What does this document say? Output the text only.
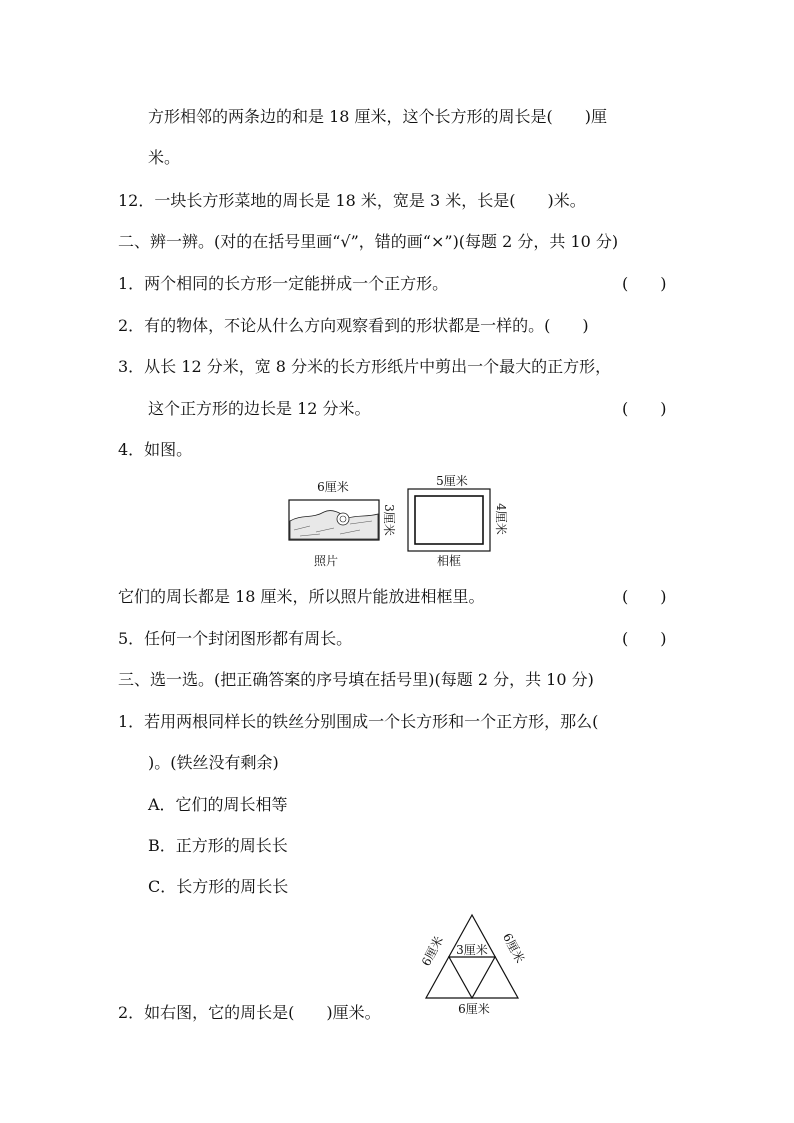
方形相邻的两条边的和是 18 厘米，这个长方形的周长是(　　)厘
米。
12．一块长方形菜地的周长是 18 米，宽是 3 米，长是(　　)米。
二、辨一辨。(对的在括号里画“√”，错的画“×”)(每题 2 分，共 10 分)
1．两个相同的长方形一定能拼成一个正方形。	(　　)
2．有的物体，不论从什么方向观察看到的形状都是一样的。(　　)
3．从长 12 分米，宽 8 分米的长方形纸片中剪出一个最大的正方形，
这个正方形的边长是 12 分米。	(　　)
4．如图。
6厘米
3厘米
照片
5厘米
4厘米
相框
它们的周长都是 18 厘米，所以照片能放进相框里。	(　　)
5．任何一个封闭图形都有周长。	(　　)
三、选一选。(把正确答案的序号填在括号里)(每题 2 分，共 10 分)
1．若用两根同样长的铁丝分别围成一个长方形和一个正方形，那么(
)。(铁丝没有剩余)
A．它们的周长相等
B．正方形的周长长
C．长方形的周长长
3厘米
6厘米	6厘米
6厘米
2．如右图，它的周长是(　　)厘米。
